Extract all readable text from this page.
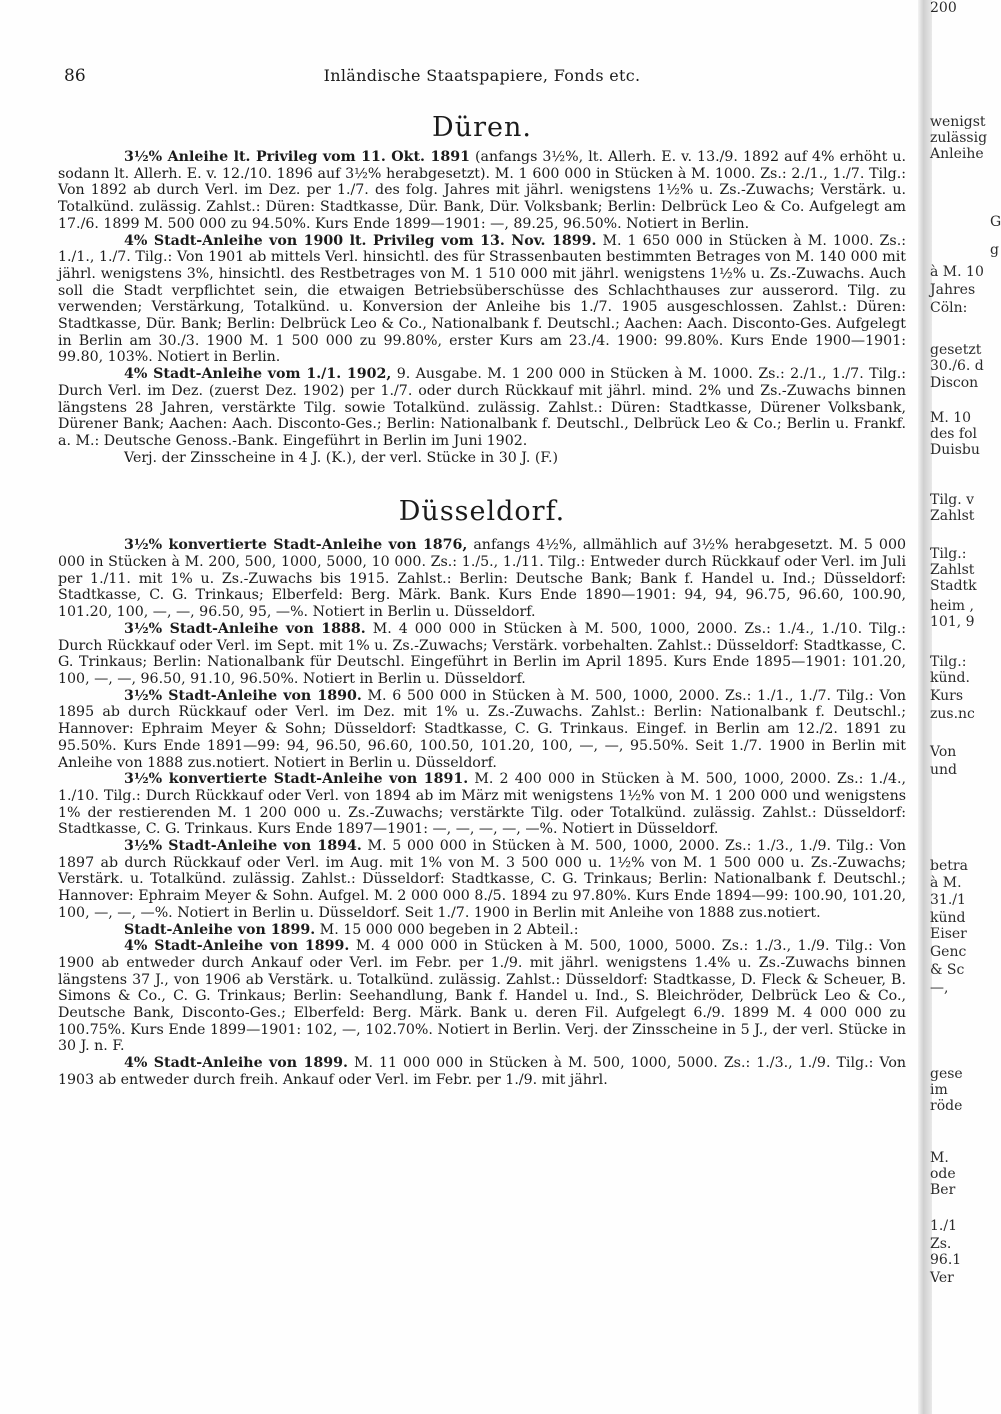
86	Inländische Staatspapiere, Fonds etc.
Düren.

3½% Anleihe lt. Privileg vom 11. Okt. 1891 (anfangs 3½%, lt. Allerh. E. v. 13./9. 1892 auf 4% erhöht u. sodann lt. Allerh. E. v. 12./10. 1896 auf 3½% herabgesetzt). M. 1 600 000 in Stücken à M. 1000. Zs.: 2./1., 1./7. Tilg.: Von 1892 ab durch Verl. im Dez. per 1./7. des folg. Jahres mit jährl. wenigstens 1½% u. Zs.-Zuwachs; Verstärk. u. Totalkünd. zulässig. Zahlst.: Düren: Stadtkasse, Dür. Bank, Dür. Volksbank; Berlin: Delbrück Leo & Co. Aufgelegt am 17./6. 1899 M. 500 000 zu 94.50%. Kurs Ende 1899—1901: —, 89.25, 96.50%. Notiert in Berlin.

4% Stadt-Anleihe von 1900 lt. Privileg vom 13. Nov. 1899. M. 1 650 000 in Stücken à M. 1000. Zs.: 1./1., 1./7. Tilg.: Von 1901 ab mittels Verl. hinsichtl. des für Strassenbauten bestimmten Betrages von M. 140 000 mit jährl. wenigstens 3%, hinsichtl. des Restbetrages von M. 1 510 000 mit jährl. wenigstens 1½% u. Zs.-Zuwachs. Auch soll die Stadt verpflichtet sein, die etwaigen Betriebsüberschüsse des Schlachthauses zur ausserord. Tilg. zu verwenden; Verstärkung, Totalkünd. u. Konversion der Anleihe bis 1./7. 1905 ausgeschlossen. Zahlst.: Düren: Stadtkasse, Dür. Bank; Berlin: Delbrück Leo & Co., Nationalbank f. Deutschl.; Aachen: Aach. Disconto-Ges. Aufgelegt in Berlin am 30./3. 1900 M. 1 500 000 zu 99.80%, erster Kurs am 23./4. 1900: 99.80%. Kurs Ende 1900—1901: 99.80, 103%. Notiert in Berlin.

4% Stadt-Anleihe vom 1./1. 1902, 9. Ausgabe. M. 1 200 000 in Stücken à M. 1000. Zs.: 2./1., 1./7. Tilg.: Durch Verl. im Dez. (zuerst Dez. 1902) per 1./7. oder durch Rückkauf mit jährl. mind. 2% und Zs.-Zuwachs binnen längstens 28 Jahren, verstärkte Tilg. sowie Totalkünd. zulässig. Zahlst.: Düren: Stadtkasse, Dürener Volksbank, Dürener Bank; Aachen: Aach. Disconto-Ges.; Berlin: Nationalbank f. Deutschl., Delbrück Leo & Co.; Berlin u. Frankf. a. M.: Deutsche Genoss.-Bank. Eingeführt in Berlin im Juni 1902.

Verj. der Zinsscheine in 4 J. (K.), der verl. Stücke in 30 J. (F.)

Düsseldorf.

3½% konvertierte Stadt-Anleihe von 1876, anfangs 4½%, allmählich auf 3½% herabgesetzt. M. 5 000 000 in Stücken à M. 200, 500, 1000, 5000, 10 000. Zs.: 1./5., 1./11. Tilg.: Entweder durch Rückkauf oder Verl. im Juli per 1./11. mit 1% u. Zs.-Zuwachs bis 1915. Zahlst.: Berlin: Deutsche Bank; Bank f. Handel u. Ind.; Düsseldorf: Stadtkasse, C. G. Trinkaus; Elberfeld: Berg. Märk. Bank. Kurs Ende 1890—1901: 94, 94, 96.75, 96.60, 100.90, 101.20, 100, —, —, 96.50, 95, —%. Notiert in Berlin u. Düsseldorf.

3½% Stadt-Anleihe von 1888. M. 4 000 000 in Stücken à M. 500, 1000, 2000. Zs.: 1./4., 1./10. Tilg.: Durch Rückkauf oder Verl. im Sept. mit 1% u. Zs.-Zuwachs; Verstärk. vorbehalten. Zahlst.: Düsseldorf: Stadtkasse, C. G. Trinkaus; Berlin: Nationalbank für Deutschl. Eingeführt in Berlin im April 1895. Kurs Ende 1895—1901: 101.20, 100, —, —, 96.50, 91.10, 96.50%. Notiert in Berlin u. Düsseldorf.

3½% Stadt-Anleihe von 1890. M. 6 500 000 in Stücken à M. 500, 1000, 2000. Zs.: 1./1., 1./7. Tilg.: Von 1895 ab durch Rückkauf oder Verl. im Dez. mit 1% u. Zs.-Zuwachs. Zahlst.: Berlin: Nationalbank f. Deutschl.; Hannover: Ephraim Meyer & Sohn; Düsseldorf: Stadtkasse, C. G. Trinkaus. Eingef. in Berlin am 12./2. 1891 zu 95.50%. Kurs Ende 1891—99: 94, 96.50, 96.60, 100.50, 101.20, 100, —, —, 95.50%. Seit 1./7. 1900 in Berlin mit Anleihe von 1888 zus.notiert. Notiert in Berlin u. Düsseldorf.

3½% konvertierte Stadt-Anleihe von 1891. M. 2 400 000 in Stücken à M. 500, 1000, 2000. Zs.: 1./4., 1./10. Tilg.: Durch Rückkauf oder Verl. von 1894 ab im März mit wenigstens 1½% von M. 1 200 000 und wenigstens 1% der restierenden M. 1 200 000 u. Zs.-Zuwachs; verstärkte Tilg. oder Totalkünd. zulässig. Zahlst.: Düsseldorf: Stadtkasse, C. G. Trinkaus. Kurs Ende 1897—1901: —, —, —, —, —%. Notiert in Düsseldorf.

3½% Stadt-Anleihe von 1894. M. 5 000 000 in Stücken à M. 500, 1000, 2000. Zs.: 1./3., 1./9. Tilg.: Von 1897 ab durch Rückkauf oder Verl. im Aug. mit 1% von M. 3 500 000 u. 1½% von M. 1 500 000 u. Zs.-Zuwachs; Verstärk. u. Totalkünd. zulässig. Zahlst.: Düsseldorf: Stadtkasse, C. G. Trinkaus; Berlin: Nationalbank f. Deutschl.; Hannover: Ephraim Meyer & Sohn. Aufgel. M. 2 000 000 8./5. 1894 zu 97.80%. Kurs Ende 1894—99: 100.90, 101.20, 100, —, —, —%. Notiert in Berlin u. Düsseldorf. Seit 1./7. 1900 in Berlin mit Anleihe von 1888 zus.notiert.

Stadt-Anleihe von 1899. M. 15 000 000 begeben in 2 Abteil.:

4% Stadt-Anleihe von 1899. M. 4 000 000 in Stücken à M. 500, 1000, 5000. Zs.: 1./3., 1./9. Tilg.: Von 1900 ab entweder durch Ankauf oder Verl. im Febr. per 1./9. mit jährl. wenigstens 1.4% u. Zs.-Zuwachs binnen längstens 37 J., von 1906 ab Verstärk. u. Totalkünd. zulässig. Zahlst.: Düsseldorf: Stadtkasse, D. Fleck & Scheuer, B. Simons & Co., C. G. Trinkaus; Berlin: Seehandlung, Bank f. Handel u. Ind., S. Bleichröder, Delbrück Leo & Co., Deutsche Bank, Disconto-Ges.; Elberfeld: Berg. Märk. Bank u. deren Fil. Aufgelegt 6./9. 1899 M. 4 000 000 zu 100.75%. Kurs Ende 1899—1901: 102, —, 102.70%. Notiert in Berlin. Verj. der Zinsscheine in 5 J., der verl. Stücke in 30 J. n. F.

4% Stadt-Anleihe von 1899. M. 11 000 000 in Stücken à M. 500, 1000, 5000. Zs.: 1./3., 1./9. Tilg.: Von 1903 ab entweder durch freih. Ankauf oder Verl. im Febr. per 1./9. mit jährl.

wenigst
zulässig
Anleihe
G
g
à M. 10
Jahres
Cöln:
gesetzt
30./6. d
Discon
M. 10
des fol
Duisbu
Tilg. v
Zahlst
Tilg.:
Zahlst
Stadtk
heim ,
101, 9
Tilg.:
künd.
Kurs
zus.nc
Von
und
betra
à M.
31./1
künd
Eiser
Genc
& Sc
—,
gese
im
röde
M.
ode
Ber
1./1
Zs.
96.1
Ver
200
